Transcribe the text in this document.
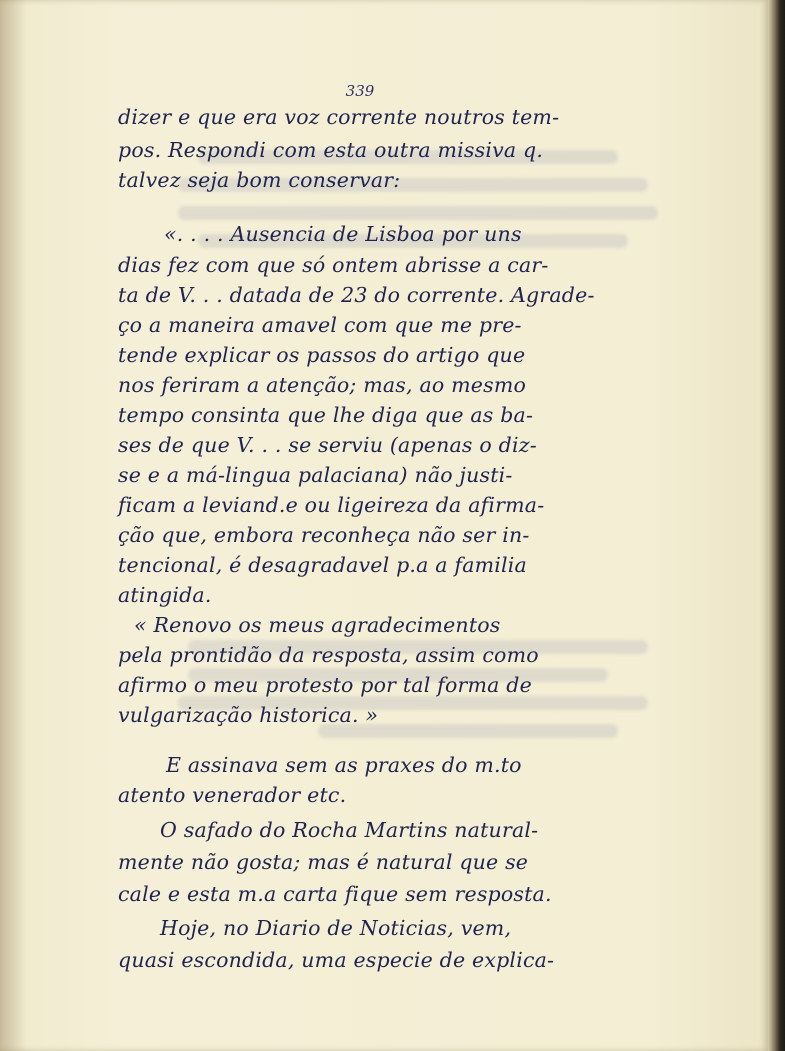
339
dizer e que era voz corrente noutros tem-
pos. Respondi com esta outra missiva q.
talvez seja bom conservar:
«. . . . Ausencia de Lisboa por uns
dias fez com que só ontem abrisse a car-
ta de V. . . datada de 23 do corrente. Agrade-
ço a maneira amavel com que me pre-
tende explicar os passos do artigo que
nos feriram a atenção; mas, ao mesmo
tempo consinta que lhe diga que as ba-
ses de que V. . . se serviu (apenas o diz-
se e a má-lingua palaciana) não justi-
ficam a leviand.e ou ligeireza da afirma-
ção que, embora reconheça não ser in-
tencional, é desagradavel p.a a familia
atingida.
« Renovo os meus agradecimentos
pela prontidão da resposta, assim como
afirmo o meu protesto por tal forma de
vulgarização historica. »
E assinava sem as praxes do m.to
atento venerador etc.
O safado do Rocha Martins natural-
mente não gosta; mas é natural que se
cale e esta m.a carta fique sem resposta.
Hoje, no Diario de Noticias, vem,
quasi escondida, uma especie de explica-
